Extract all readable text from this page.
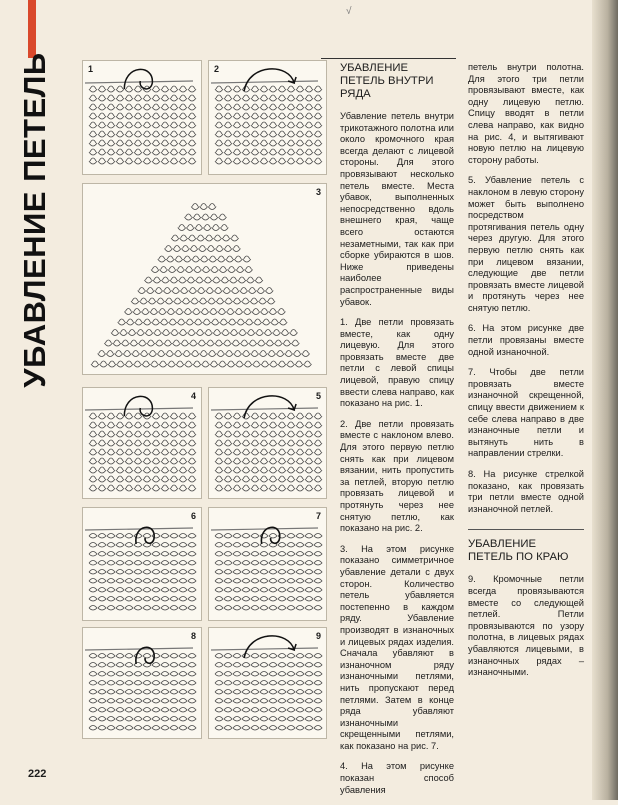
√
УБАВЛЕНИЕ ПЕТЕЛЬ	1	2
3
4	5
6	7
8	9
УБАВЛЕНИЕ ПЕТЕЛЬ ВНУТРИ РЯДА

Убавление петель внутри трикотажного полотна или около кромочного края всегда делают с лицевой стороны. Для этого провязывают несколько петель вместе. Места убавок, выполненных непосредственно вдоль внешнего края, чаще всего остаются незаметными, так как при сборке убираются в шов. Ниже приведены наиболее распространенные виды убавок.

1. Две петли провязать вместе, как одну лицевую. Для этого провязать вместе две петли с левой спицы лицевой, правую спицу ввести слева направо, как показано на рис. 1.

2. Две петли провязать вместе с наклоном влево. Для этого первую петлю снять как при лицевом вязании, нить пропустить за петлей, вторую петлю провязать лицевой и протянуть через нее снятую петлю, как показано на рис. 2.

3. На этом рисунке показано симметричное убавление детали с двух сторон. Количество петель убавляется постепенно в каждом ряду. Убавление производят в изнаночных и лицевых рядах изделия. Сначала убавляют в изнаночном ряду изнаночными петлями, нить пропускают перед петлями. Затем в конце ряда убавляют изнаночными скрещенными петлями, как показано на рис. 7.

4. На этом рисунке показан способ убавления

петель внутри полотна. Для этого три петли провязывают вместе, как одну лицевую петлю. Спицу вводят в петли слева направо, как видно на рис. 4, и вытягивают новую петлю на лицевую сторону работы.

5. Убавление петель с наклоном в левую сторону может быть выполнено посредством протягивания петель одну через другую. Для этого первую петлю снять как при лицевом вязании, следующие две петли провязать вместе лицевой и протянуть через нее снятую петлю.

6. На этом рисунке две петли провязаны вместе одной изнаночной.

7. Чтобы две петли провязать вместе изнаночной скрещенной, спицу ввести движением к себе слева направо в две изнаночные петли и вытянуть нить в направлении стрелки.

8. На рисунке стрелкой показано, как провязать три петли вместе одной изнаночной петлей.

УБАВЛЕНИЕ ПЕТЕЛЬ ПО КРАЮ

9. Кромочные петли всегда провязываются вместе со следующей петлей. Петли провязываются по узору полотна, в лицевых рядах убавляются лицевыми, в изнаночных рядах – изнаночными.

222
